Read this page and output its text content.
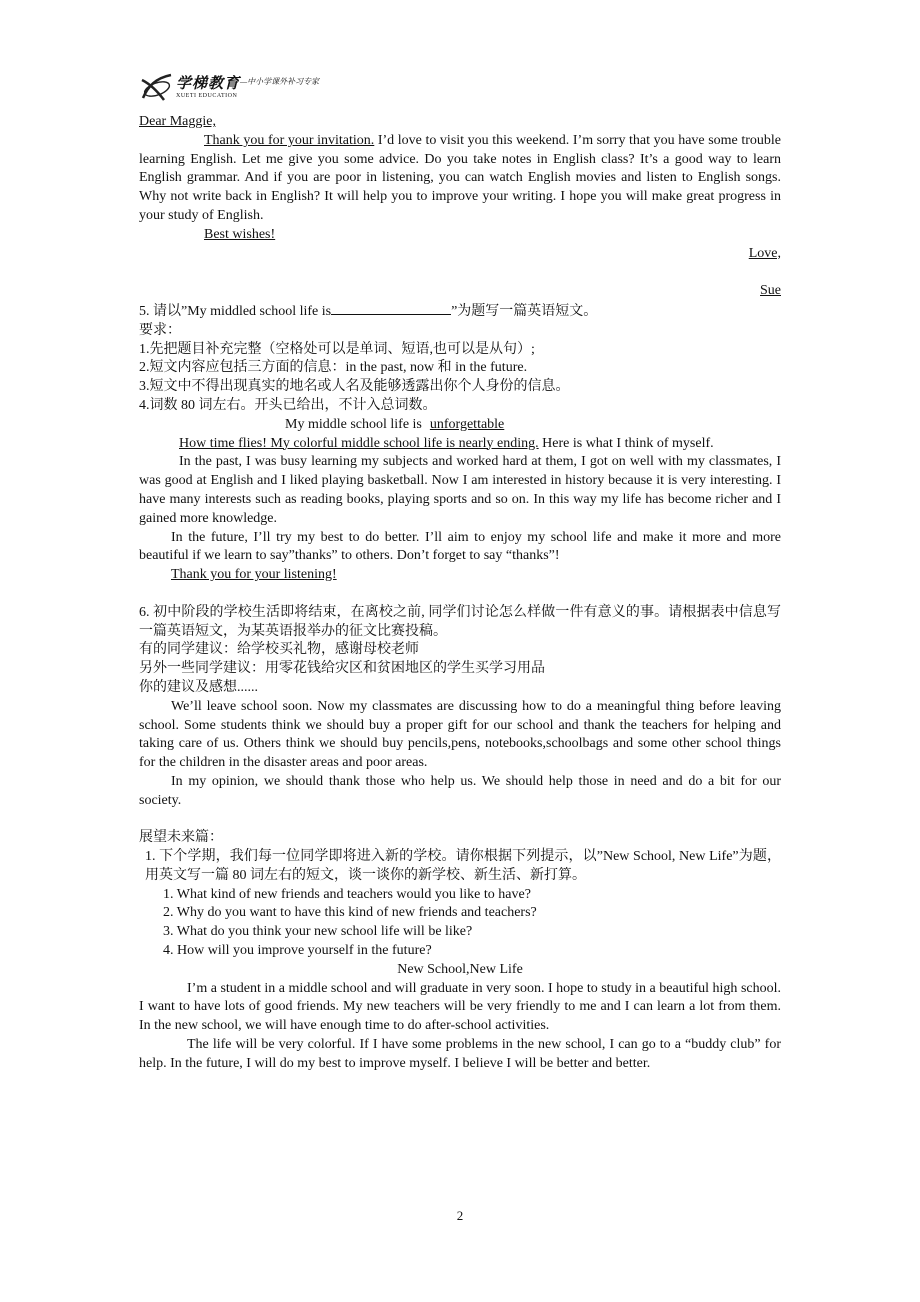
学梯教育 —中小学课外补习专家
XUETI EDUCATION

Dear Maggie,

Thank you for your invitation. I’d love to visit you this weekend. I’m sorry that you have some trouble learning English. Let me give you some advice. Do you take notes in English class? It’s a good way to learn English grammar. And if you are poor in listening, you can watch English movies and listen to English songs. Why not write back in English? It will help you to improve your writing. I hope you will make great progress in your study of English.

Best wishes!

Love,

Sue

5. 请以”My middled school life is	”为题写一篇英语短文。

要求：

1.先把题目补充完整（空格处可以是单词、短语,也可以是从句）;

2.短文内容应包括三方面的信息：in the past, now 和 in the future.

3.短文中不得出现真实的地名或人名及能够透露出你个人身份的信息。

4.词数 80 词左右。开头已给出，不计入总词数。

My middle school life is unforgettable

How time flies! My colorful middle school life is nearly ending. Here is what I think of myself.

In the past, I was busy learning my subjects and worked hard at them, I got on well with my classmates, I was good at English and I liked playing basketball. Now I am interested in history because it is very interesting. I have many interests such as reading books, playing sports and so on. In this way my life has become richer and I gained more knowledge.

In the future, I’ll try my best to do better. I’ll aim to enjoy my school life and make it more and more beautiful if we learn to say”thanks” to others. Don’t forget to say “thanks”!

Thank you for your listening!

6. 初中阶段的学校生活即将结束，在离校之前, 同学们讨论怎么样做一件有意义的事。请根据表中信息写一篇英语短文，为某英语报举办的征文比赛投稿。

有的同学建议：给学校买礼物，感谢母校老师

另外一些同学建议：用零花钱给灾区和贫困地区的学生买学习用品

你的建议及感想......

We’ll leave school soon. Now my classmates are discussing how to do a meaningful thing before leaving school. Some students think we should buy a proper gift for our school and thank the teachers for helping and taking care of us. Others think we should buy pencils,pens, notebooks,schoolbags and some other school things for the children in the disaster areas and poor areas.

In my opinion, we should thank those who help us. We should help those in need and do a bit for our society.

展望未来篇：

1. 下个学期，我们每一位同学即将进入新的学校。请你根据下列提示，以”New School, New Life”为题，用英文写一篇 80 词左右的短文，谈一谈你的新学校、新生活、新打算。

1. What kind of new friends and teachers would you like to have?

2. Why do you want to have this kind of new friends and teachers?

3. What do you think your new school life will be like?

4. How will you improve yourself in the future?

New School,New Life

I’m a student in a middle school and will graduate in very soon. I hope to study in a beautiful high school. I want to have lots of good friends. My new teachers will be very friendly to me and I can learn a lot from them. In the new school, we will have enough time to do after-school activities.

The life will be very colorful. If I have some problems in the new school, I can go to a “buddy club” for help. In the future, I will do my best to improve myself. I believe I will be better and better.

2
